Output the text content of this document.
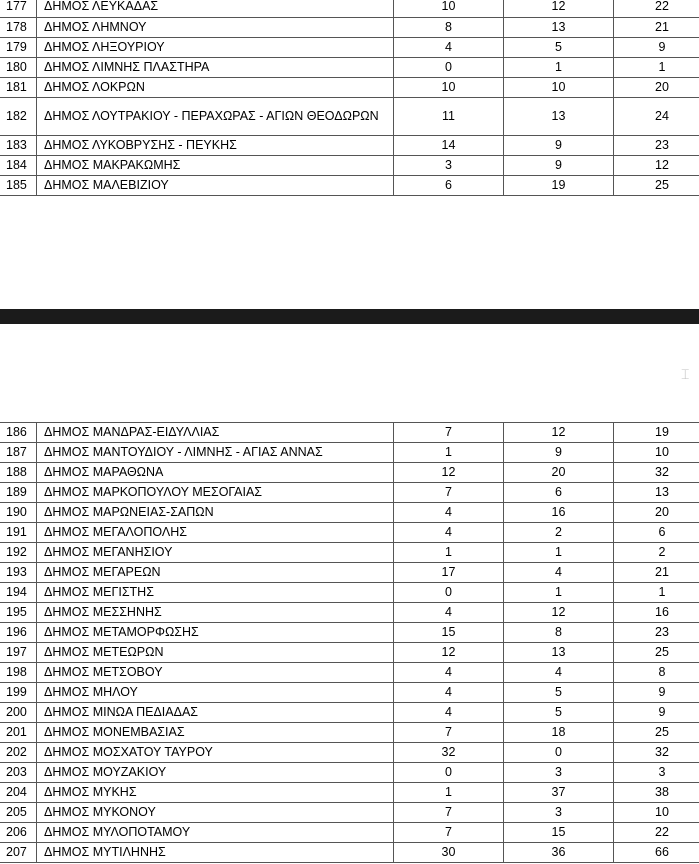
177	ΔΗΜΟΣ ΛΕΥΚΑΔΑΣ	10	12	22
178	ΔΗΜΟΣ ΛΗΜΝΟΥ	8	13	21
179	ΔΗΜΟΣ ΛΗΞΟΥΡΙΟΥ	4	5	9
180	ΔΗΜΟΣ ΛΙΜΝΗΣ ΠΛΑΣΤΗΡΑ	0	1	1
181	ΔΗΜΟΣ ΛΟΚΡΩΝ	10	10	20
182	ΔΗΜΟΣ ΛΟΥΤΡΑΚΙΟΥ - ΠΕΡΑΧΩΡΑΣ - ΑΓΙΩΝ ΘΕΟΔΩΡΩΝ	11	13	24
183	ΔΗΜΟΣ ΛΥΚΟΒΡΥΣΗΣ - ΠΕΥΚΗΣ	14	9	23
184	ΔΗΜΟΣ ΜΑΚΡΑΚΩΜΗΣ	3	9	12
185	ΔΗΜΟΣ ΜΑΛΕΒΙΖΙΟΥ	6	19	25
⌶
186	ΔΗΜΟΣ ΜΑΝΔΡΑΣ-ΕΙΔΥΛΛΙΑΣ	7	12	19
187	ΔΗΜΟΣ ΜΑΝΤΟΥΔΙΟΥ - ΛΙΜΝΗΣ - ΑΓΙΑΣ ΑΝΝΑΣ	1	9	10
188	ΔΗΜΟΣ ΜΑΡΑΘΩΝΑ	12	20	32
189	ΔΗΜΟΣ ΜΑΡΚΟΠΟΥΛΟΥ ΜΕΣΟΓΑΙΑΣ	7	6	13
190	ΔΗΜΟΣ ΜΑΡΩΝΕΙΑΣ-ΣΑΠΩΝ	4	16	20
191	ΔΗΜΟΣ ΜΕΓΑΛΟΠΟΛΗΣ	4	2	6
192	ΔΗΜΟΣ ΜΕΓΑΝΗΣΙΟΥ	1	1	2
193	ΔΗΜΟΣ ΜΕΓΑΡΕΩΝ	17	4	21
194	ΔΗΜΟΣ ΜΕΓΙΣΤΗΣ	0	1	1
195	ΔΗΜΟΣ ΜΕΣΣΗΝΗΣ	4	12	16
196	ΔΗΜΟΣ ΜΕΤΑΜΟΡΦΩΣΗΣ	15	8	23
197	ΔΗΜΟΣ ΜΕΤΕΩΡΩΝ	12	13	25
198	ΔΗΜΟΣ ΜΕΤΣΟΒΟΥ	4	4	8
199	ΔΗΜΟΣ ΜΗΛΟΥ	4	5	9
200	ΔΗΜΟΣ ΜΙΝΩΑ ΠΕΔΙΑΔΑΣ	4	5	9
201	ΔΗΜΟΣ ΜΟΝΕΜΒΑΣΙΑΣ	7	18	25
202	ΔΗΜΟΣ ΜΟΣΧΑΤΟΥ ΤΑΥΡΟΥ	32	0	32
203	ΔΗΜΟΣ ΜΟΥΖΑΚΙΟΥ	0	3	3
204	ΔΗΜΟΣ ΜΥΚΗΣ	1	37	38
205	ΔΗΜΟΣ ΜΥΚΟΝΟΥ	7	3	10
206	ΔΗΜΟΣ ΜΥΛΟΠΟΤΑΜΟΥ	7	15	22
207	ΔΗΜΟΣ ΜΥΤΙΛΗΝΗΣ	30	36	66
